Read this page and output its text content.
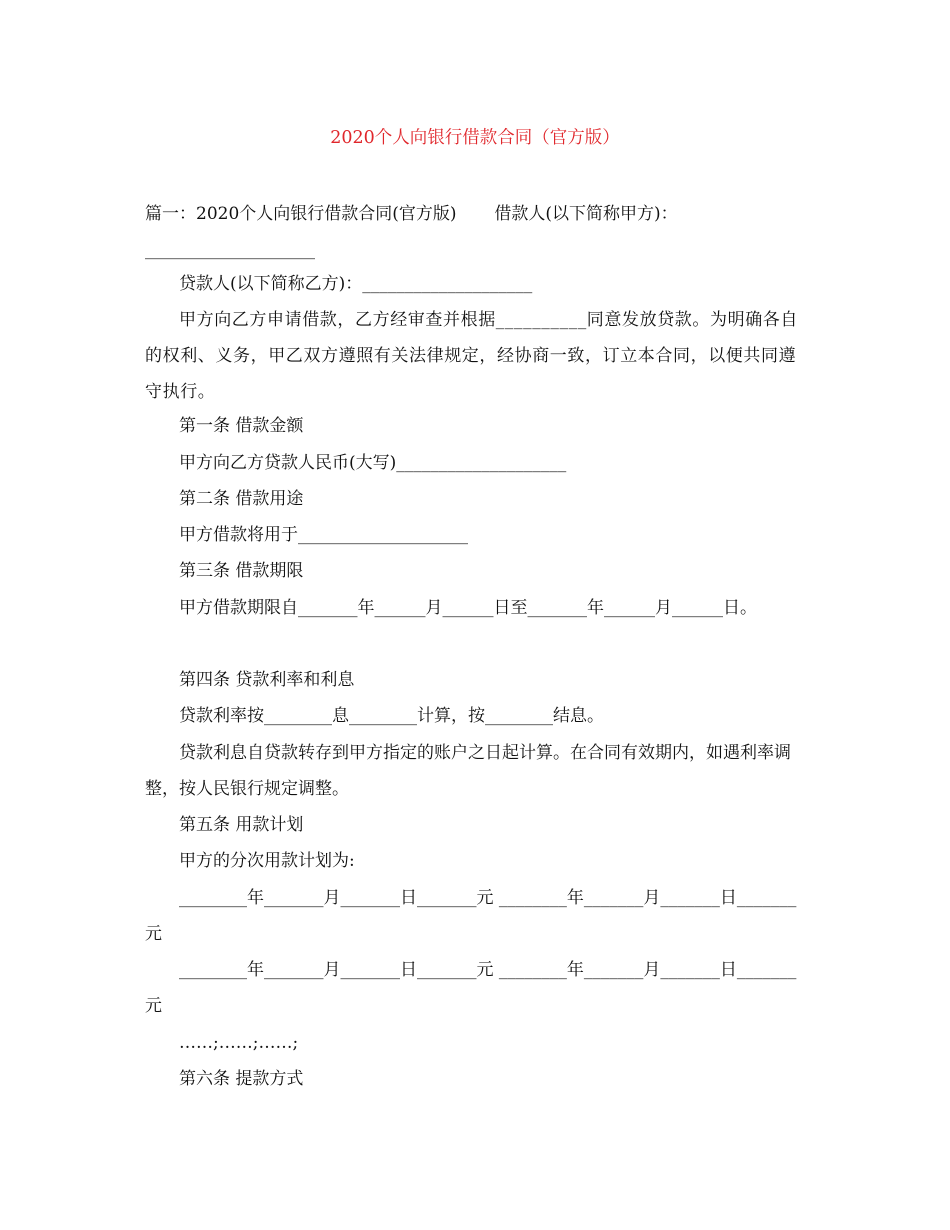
2020个人向银行借款合同（官方版）

篇一：2020个人向银行借款合同(官方版)       借款人(以下简称甲方)：____________________

贷款人(以下简称乙方)：____________________

甲方向乙方申请借款，乙方经审查并根据__________同意发放贷款。为明确各自的权利、义务，甲乙双方遵照有关法律规定，经协商一致，订立本合同，以便共同遵守执行。

第一条 借款金额

甲方向乙方贷款人民币(大写)____________________

第二条 借款用途

甲方借款将用于____________________

第三条 借款期限

甲方借款期限自_______年______月______日至_______年______月______日。

第四条 贷款利率和利息

贷款利率按________息________计算，按________结息。

贷款利息自贷款转存到甲方指定的账户之日起计算。在合同有效期内，如遇利率调整，按人民银行规定调整。

第五条 用款计划

甲方的分次用款计划为:

________年_______月_______日_______元 ________年_______月_______日_______元

________年_______月_______日_______元 ________年_______月_______日_______元

……;……;……;

第六条 提款方式
